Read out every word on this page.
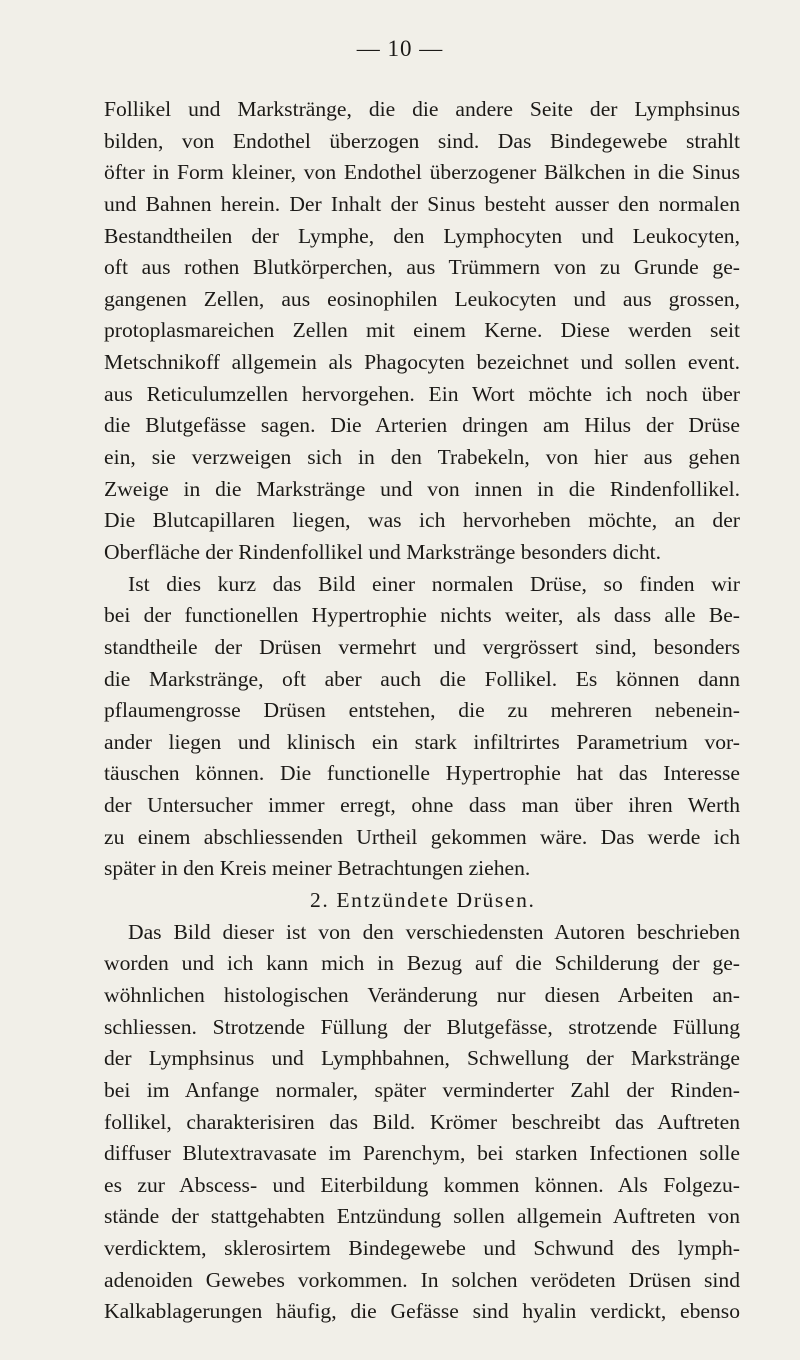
— 10 —
Follikel und Markstränge, die die andere Seite der Lymphsinus
bilden, von Endothel überzogen sind. Das Bindegewebe strahlt
öfter in Form kleiner, von Endothel überzogener Bälkchen in die Sinus
und Bahnen herein. Der Inhalt der Sinus besteht ausser den normalen
Bestandtheilen der Lymphe, den Lymphocyten und Leukocyten,
oft aus rothen Blutkörperchen, aus Trümmern von zu Grunde ge-
gangenen Zellen, aus eosinophilen Leukocyten und aus grossen,
protoplasmareichen Zellen mit einem Kerne. Diese werden seit
Metschnikoff allgemein als Phagocyten bezeichnet und sollen event.
aus Reticulumzellen hervorgehen. Ein Wort möchte ich noch über
die Blutgefässe sagen. Die Arterien dringen am Hilus der Drüse
ein, sie verzweigen sich in den Trabekeln, von hier aus gehen
Zweige in die Markstränge und von innen in die Rindenfollikel.
Die Blutcapillaren liegen, was ich hervorheben möchte, an der
Oberfläche der Rindenfollikel und Markstränge besonders dicht.
Ist dies kurz das Bild einer normalen Drüse, so finden wir
bei der functionellen Hypertrophie nichts weiter, als dass alle Be-
standtheile der Drüsen vermehrt und vergrössert sind, besonders
die Markstränge, oft aber auch die Follikel. Es können dann
pflaumengrosse Drüsen entstehen, die zu mehreren nebenein-
ander liegen und klinisch ein stark infiltrirtes Parametrium vor-
täuschen können. Die functionelle Hypertrophie hat das Interesse
der Untersucher immer erregt, ohne dass man über ihren Werth
zu einem abschliessenden Urtheil gekommen wäre. Das werde ich
später in den Kreis meiner Betrachtungen ziehen.
2. Entzündete Drüsen.
Das Bild dieser ist von den verschiedensten Autoren beschrieben
worden und ich kann mich in Bezug auf die Schilderung der ge-
wöhnlichen histologischen Veränderung nur diesen Arbeiten an-
schliessen. Strotzende Füllung der Blutgefässe, strotzende Füllung
der Lymphsinus und Lymphbahnen, Schwellung der Markstränge
bei im Anfange normaler, später verminderter Zahl der Rinden-
follikel, charakterisiren das Bild. Krömer beschreibt das Auftreten
diffuser Blutextravasate im Parenchym, bei starken Infectionen solle
es zur Abscess- und Eiterbildung kommen können. Als Folgezu-
stände der stattgehabten Entzündung sollen allgemein Auftreten von
verdicktem, sklerosirtem Bindegewebe und Schwund des lymph-
adenoiden Gewebes vorkommen. In solchen verödeten Drüsen sind
Kalkablagerungen häufig, die Gefässe sind hyalin verdickt, ebenso
